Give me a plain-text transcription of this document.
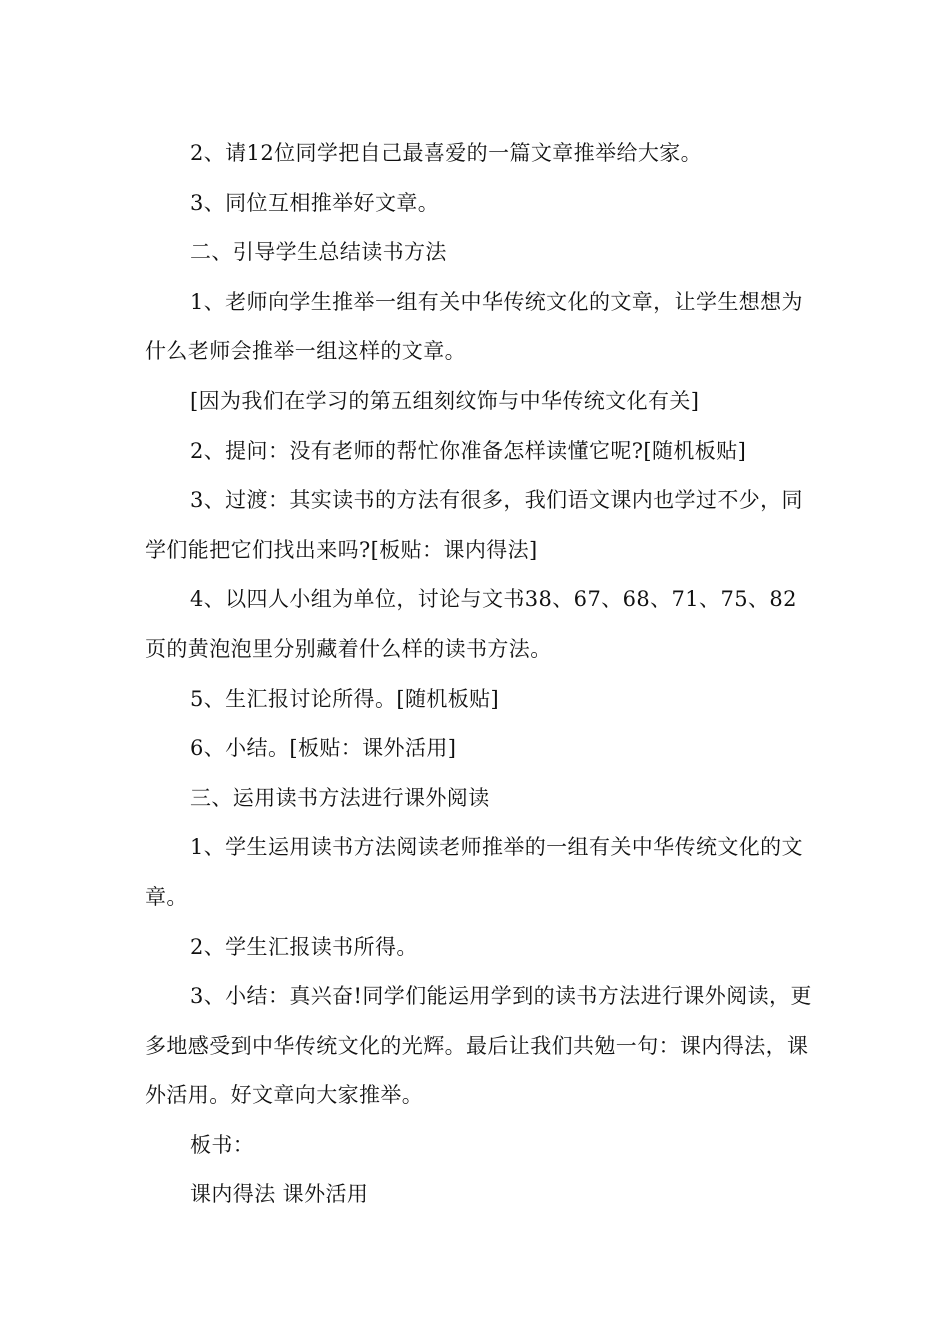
2、请12位同学把自己最喜爱的一篇文章推举给大家。

3、同位互相推举好文章。

二、引导学生总结读书方法

1、老师向学生推举一组有关中华传统文化的文章，让学生想想为什么老师会推举一组这样的文章。

[因为我们在学习的第五组刻纹饰与中华传统文化有关]

2、提问：没有老师的帮忙你准备怎样读懂它呢?[随机板贴]

3、过渡：其实读书的方法有很多，我们语文课内也学过不少，同学们能把它们找出来吗?[板贴：课内得法]

4、以四人小组为单位，讨论与文书38、67、68、71、75、82页的黄泡泡里分别藏着什么样的读书方法。

5、生汇报讨论所得。[随机板贴]

6、小结。[板贴：课外活用]

三、运用读书方法进行课外阅读

1、学生运用读书方法阅读老师推举的一组有关中华传统文化的文章。

2、学生汇报读书所得。

3、小结：真兴奋!同学们能运用学到的读书方法进行课外阅读，更多地感受到中华传统文化的光辉。最后让我们共勉一句：课内得法，课外活用。好文章向大家推举。

板书：

课内得法 课外活用
